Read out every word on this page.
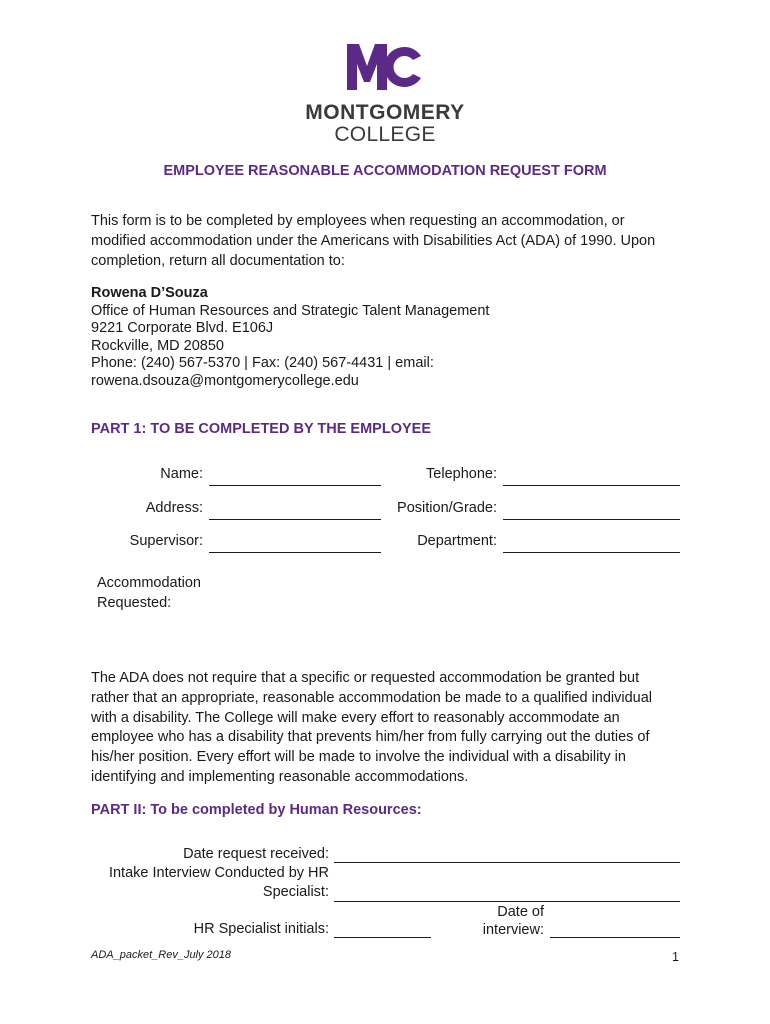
MONTGOMERY
COLLEGE
EMPLOYEE REASONABLE ACCOMMODATION REQUEST FORM
This form is to be completed by employees when requesting an accommodation, or modified accommodation under the Americans with Disabilities Act (ADA) of 1990. Upon completion, return all documentation to:
Rowena D’Souza
Office of Human Resources and Strategic Talent Management
9221 Corporate Blvd. E106J
Rockville, MD 20850
Phone: (240) 567-5370 | Fax: (240) 567-4431 | email:
rowena.dsouza@montgomerycollege.edu
PART 1: TO BE COMPLETED BY THE EMPLOYEE
Name:	Telephone:
Address:	Position/Grade:
Supervisor:	Department:
Accommodation
Requested:
The ADA does not require that a specific or requested accommodation be granted but rather that an appropriate, reasonable accommodation be made to a qualified individual with a disability. The College will make every effort to reasonably accommodate an employee who has a disability that prevents him/her from fully carrying out the duties of his/her position. Every effort will be made to involve the individual with a disability in identifying and implementing reasonable accommodations.
PART II: To be completed by Human Resources:
Date request received:
Intake Interview Conducted by HR
Specialist:
HR Specialist initials:
Date of
interview:
ADA_packet_Rev_July 2018	1
